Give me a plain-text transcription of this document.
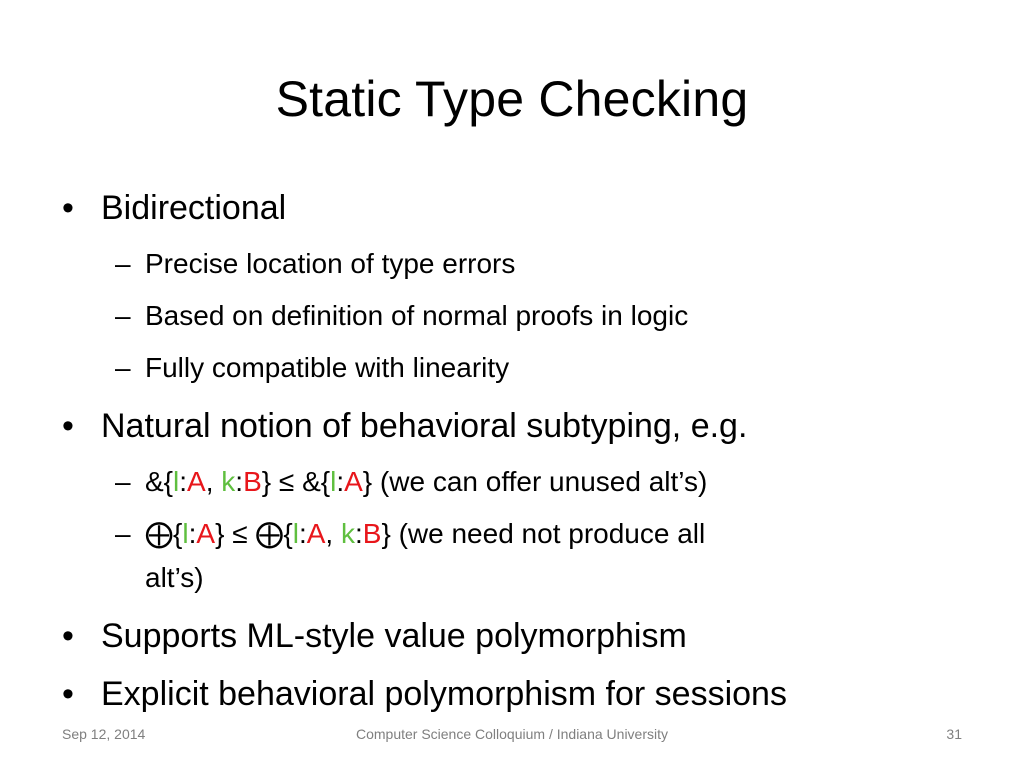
Static Type Checking
• Bidirectional
– Precise location of type errors
– Based on definition of normal proofs in logic
– Fully compatible with linearity
• Natural notion of behavioral subtyping, e.g.
– &{l:A, k:B} ≤ &{l:A} (we can offer unused alt’s)
– ⨁{l:A} ≤ ⨁{l:A, k:B} (we need not produce all
alt’s)
• Supports ML-style value polymorphism
• Explicit behavioral polymorphism for sessions
Sep 12, 2014	Computer Science Colloquium / Indiana University	31
